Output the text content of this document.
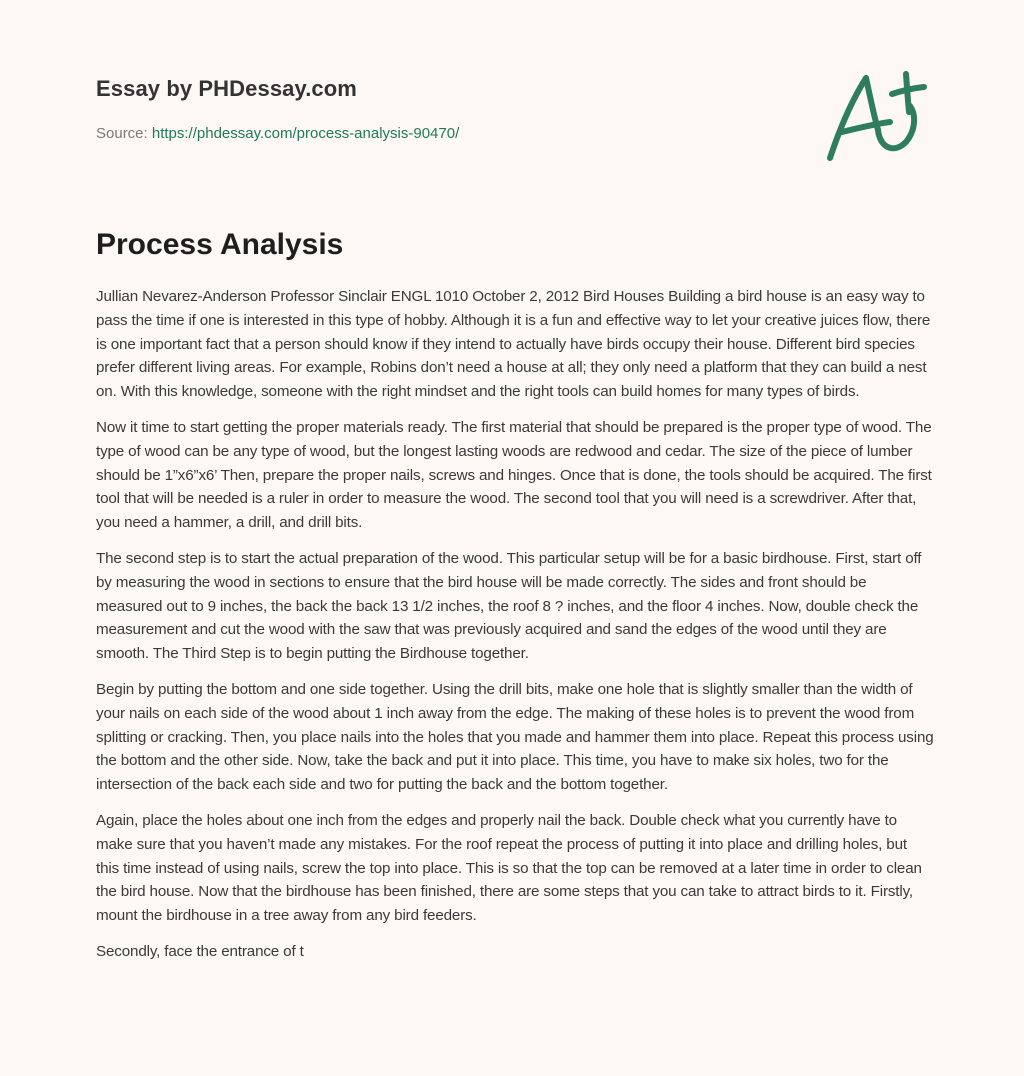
Essay by PHDessay.com
Source: https://phdessay.com/process-analysis-90470/
Process Analysis

Jullian Nevarez-Anderson Professor Sinclair ENGL 1010 October 2, 2012 Bird Houses Building a bird house is an easy way to pass the time if one is interested in this type of hobby. Although it is a fun and effective way to let your creative juices flow, there is one important fact that a person should know if they intend to actually have birds occupy their house. Different bird species prefer different living areas. For example, Robins don’t need a house at all; they only need a platform that they can build a nest on. With this knowledge, someone with the right mindset and the right tools can build homes for many types of birds.

Now it time to start getting the proper materials ready. The first material that should be prepared is the proper type of wood. The type of wood can be any type of wood, but the longest lasting woods are redwood and cedar. The size of the piece of lumber should be 1”x6”x6’ Then, prepare the proper nails, screws and hinges. Once that is done, the tools should be acquired. The first tool that will be needed is a ruler in order to measure the wood. The second tool that you will need is a screwdriver. After that, you need a hammer, a drill, and drill bits.

The second step is to start the actual preparation of the wood. This particular setup will be for a basic birdhouse. First, start off by measuring the wood in sections to ensure that the bird house will be made correctly. The sides and front should be measured out to 9 inches, the back the back 13 1/2 inches, the roof 8 ? inches, and the floor 4 inches. Now, double check the measurement and cut the wood with the saw that was previously acquired and sand the edges of the wood until they are smooth. The Third Step is to begin putting the Birdhouse together.

Begin by putting the bottom and one side together. Using the drill bits, make one hole that is slightly smaller than the width of your nails on each side of the wood about 1 inch away from the edge. The making of these holes is to prevent the wood from splitting or cracking. Then, you place nails into the holes that you made and hammer them into place. Repeat this process using the bottom and the other side. Now, take the back and put it into place. This time, you have to make six holes, two for the intersection of the back each side and two for putting the back and the bottom together.

Again, place the holes about one inch from the edges and properly nail the back. Double check what you currently have to make sure that you haven’t made any mistakes. For the roof repeat the process of putting it into place and drilling holes, but this time instead of using nails, screw the top into place. This is so that the top can be removed at a later time in order to clean the bird house. Now that the birdhouse has been finished, there are some steps that you can take to attract birds to it. Firstly, mount the birdhouse in a tree away from any bird feeders.

Secondly, face the entrance of t
